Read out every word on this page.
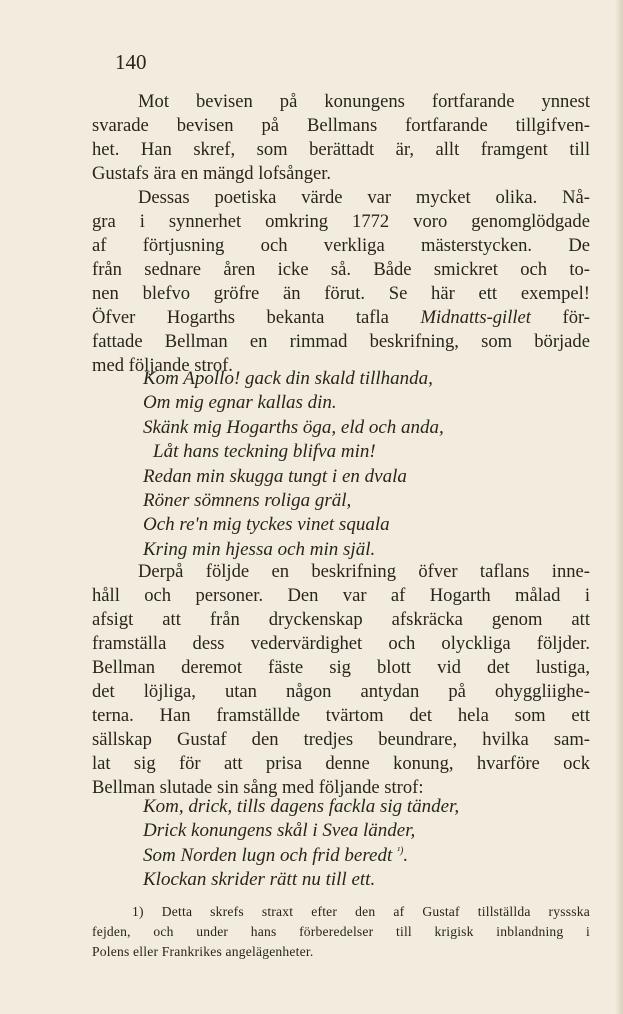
140
Mot bevisen på konungens fortfarande ynnest
svarade bevisen på Bellmans fortfarande tillgifven-
het. Han skref, som berättadt är, allt framgent till
Gustafs ära en mängd lofsånger.
Dessas poetiska värde var mycket olika. Nå-
gra i synnerhet omkring 1772 voro genomglödgade
af förtjusning och verkliga mästerstycken. De
från sednare åren icke så. Både smickret och to-
nen blefvo gröfre än förut. Se här ett exempel!
Öfver Hogarths bekanta tafla Midnatts-gillet för-
fattade Bellman en rimmad beskrifning, som började
med följande strof.
Kom Apollo! gack din skald tillhanda,
Om mig egnar kallas din.
Skänk mig Hogarths öga, eld och anda,
Låt hans teckning blifva min!
Redan min skugga tungt i en dvala
Röner sömnens roliga gräl,
Och re'n mig tyckes vinet squala
Kring min hjessa och min själ.
Derpå följde en beskrifning öfver taflans inne-
håll och personer. Den var af Hogarth målad i
afsigt att från dryckenskap afskräcka genom att
framställa dess vedervärdighet och olyckliga följder.
Bellman deremot fäste sig blott vid det lustiga,
det löjliga, utan någon antydan på ohyggliighe-
terna. Han framställde tvärtom det hela som ett
sällskap Gustaf den tredjes beundrare, hvilka sam-
lat sig för att prisa denne konung, hvarföre ock
Bellman slutade sin sång med följande strof:
Kom, drick, tills dagens fackla sig tänder,
Drick konungens skål i Svea länder,
Som Norden lugn och frid beredt $^{^1)}$.
Klockan skrider rätt nu till ett.
1) Detta skrefs straxt efter den af Gustaf tillställda ryssska
fejden, och under hans förberedelser till krigisk inblandning i
Polens eller Frankrikes angelägenheter.
